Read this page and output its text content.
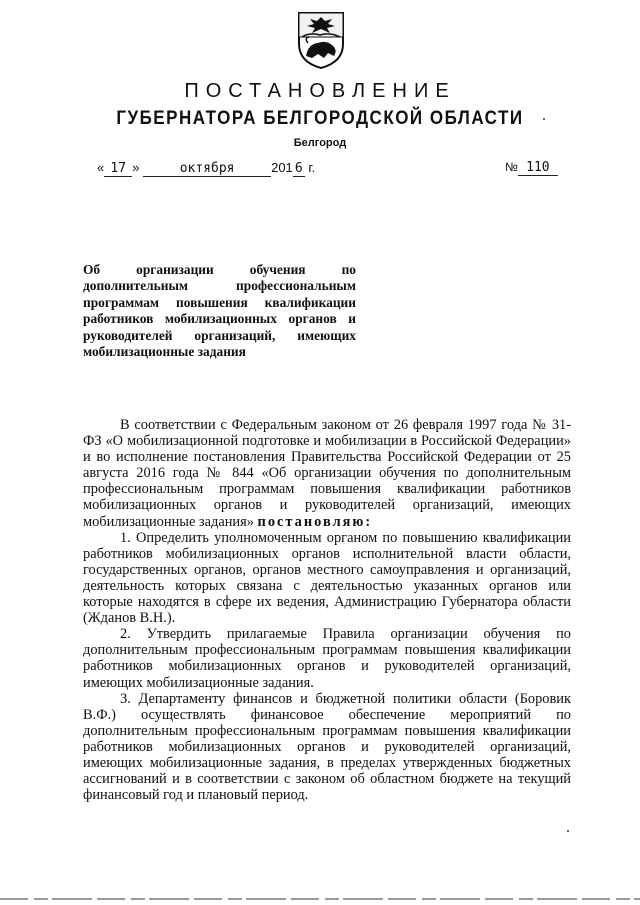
ПОСТАНОВЛЕНИЕ
ГУБЕРНАТОРА БЕЛГОРОДСКОЙ ОБЛАСТИ
Белгород
« 17 »	октября	201 6 г.	№ 110
Об организации обучения по дополнительным профессиональным программам повышения квалификации работников мобилизационных органов и руководителей организаций, имеющих мобилизационные задания

В соответствии с Федеральным законом от 26 февраля 1997 года № 31-ФЗ «О мобилизационной подготовке и мобилизации в Российской Федерации» и во исполнение постановления Правительства Российской Федерации от 25 августа 2016 года № 844 «Об организации обучения по дополнительным профессиональным программам повышения квалификации работников мобилизационных органов и руководителей организаций, имеющих мобилизационные задания» постановляю:

1. Определить уполномоченным органом по повышению квалификации работников мобилизационных органов исполнительной власти области, государственных органов, органов местного самоуправления и организаций, деятельность которых связана с деятельностью указанных органов или которые находятся в сфере их ведения, Администрацию Губернатора области (Жданов В.Н.).

2. Утвердить прилагаемые Правила организации обучения по дополнительным профессиональным программам повышения квалификации работников мобилизационных органов и руководителей организаций, имеющих мобилизационные задания.

3. Департаменту финансов и бюджетной политики области (Боровик В.Ф.) осуществлять финансовое обеспечение мероприятий по дополнительным профессиональным программам повышения квалификации работников мобилизационных органов и руководителей организаций, имеющих мобилизационные задания, в пределах утвержденных бюджетных ассигнований и в соответствии с законом об областном бюджете на текущий финансовый год и плановый период.
